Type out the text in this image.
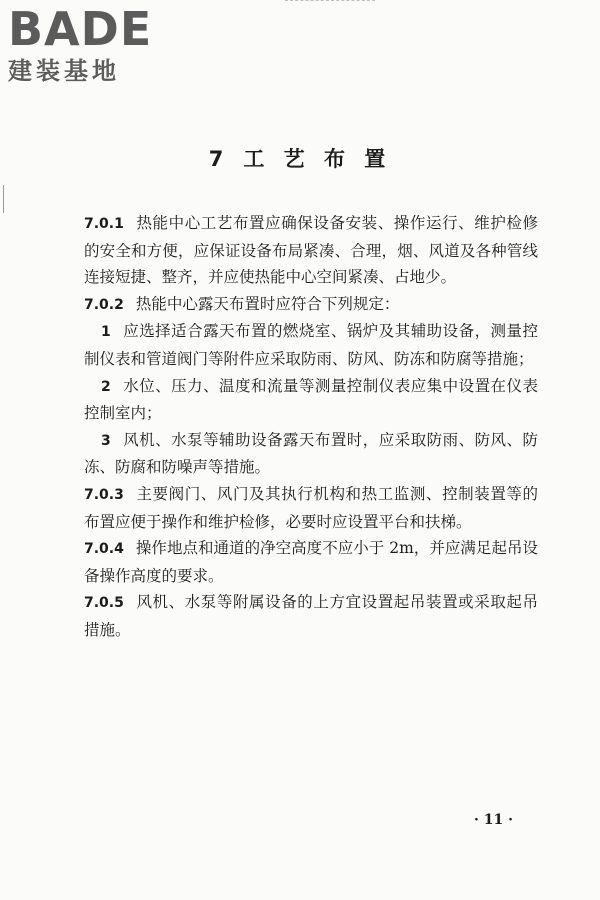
BADE
建装基地
7 工 艺 布 置

7.0.1 热能中心工艺布置应确保设备安装、操作运行、维护检修的安全和方便，应保证设备布局紧凑、合理，烟、风道及各种管线连接短捷、整齐，并应使热能中心空间紧凑、占地少。

7.0.2 热能中心露天布置时应符合下列规定：

1 应选择适合露天布置的燃烧室、锅炉及其辅助设备，测量控制仪表和管道阀门等附件应采取防雨、防风、防冻和防腐等措施；

2 水位、压力、温度和流量等测量控制仪表应集中设置在仪表控制室内；

3 风机、水泵等辅助设备露天布置时，应采取防雨、防风、防冻、防腐和防噪声等措施。

7.0.3 主要阀门、风门及其执行机构和热工监测、控制装置等的布置应便于操作和维护检修，必要时应设置平台和扶梯。

7.0.4 操作地点和通道的净空高度不应小于 2m，并应满足起吊设备操作高度的要求。

7.0.5 风机、水泵等附属设备的上方宜设置起吊装置或采取起吊措施。

· 11 ·
